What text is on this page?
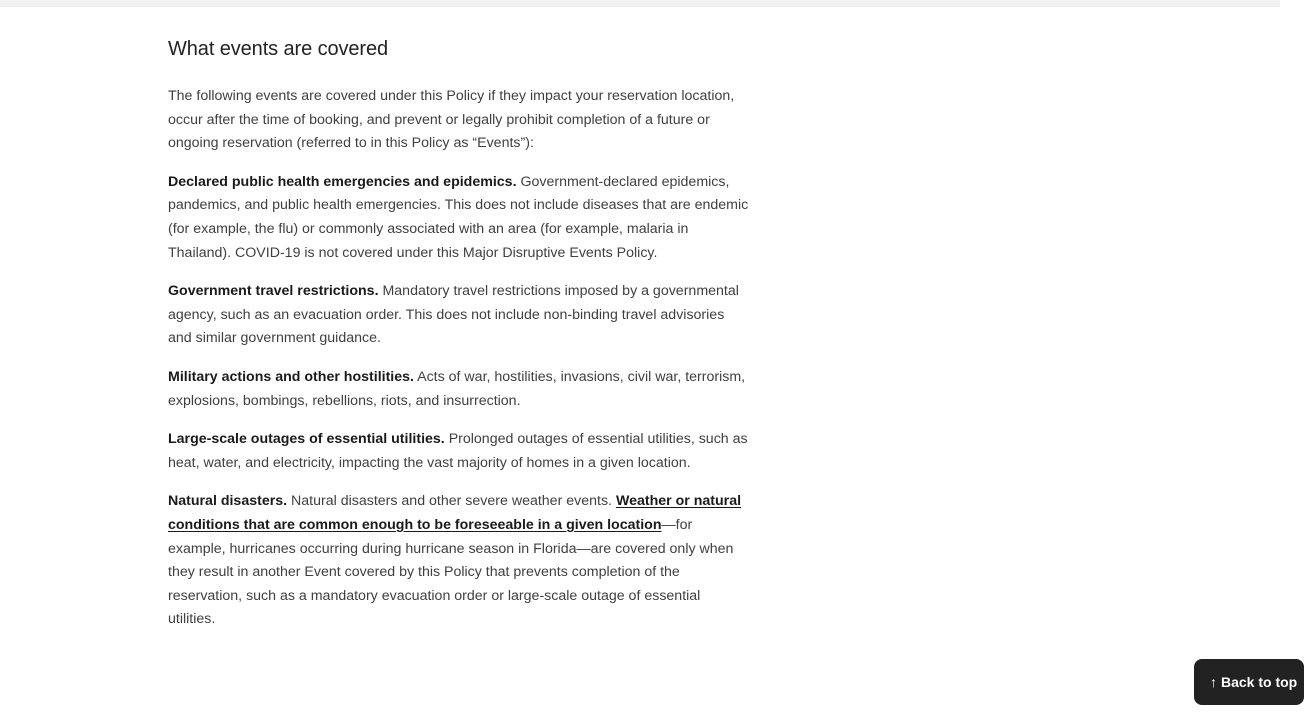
What events are covered

The following events are covered under this Policy if they impact your reservation location, occur after the time of booking, and prevent or legally prohibit completion of a future or ongoing reservation (referred to in this Policy as “Events”):

Declared public health emergencies and epidemics. Government-declared epidemics, pandemics, and public health emergencies. This does not include diseases that are endemic (for example, the flu) or commonly associated with an area (for example, malaria in Thailand). COVID-19 is not covered under this Major Disruptive Events Policy.

Government travel restrictions. Mandatory travel restrictions imposed by a governmental agency, such as an evacuation order. This does not include non-binding travel advisories and similar government guidance.

Military actions and other hostilities. Acts of war, hostilities, invasions, civil war, terrorism, explosions, bombings, rebellions, riots, and insurrection.

Large-scale outages of essential utilities. Prolonged outages of essential utilities, such as heat, water, and electricity, impacting the vast majority of homes in a given location.

Natural disasters. Natural disasters and other severe weather events. Weather or natural conditions that are common enough to be foreseeable in a given location—for example, hurricanes occurring during hurricane season in Florida—are covered only when they result in another Event covered by this Policy that prevents completion of the reservation, such as a mandatory evacuation order or large-scale outage of essential utilities.

↑ Back to top
